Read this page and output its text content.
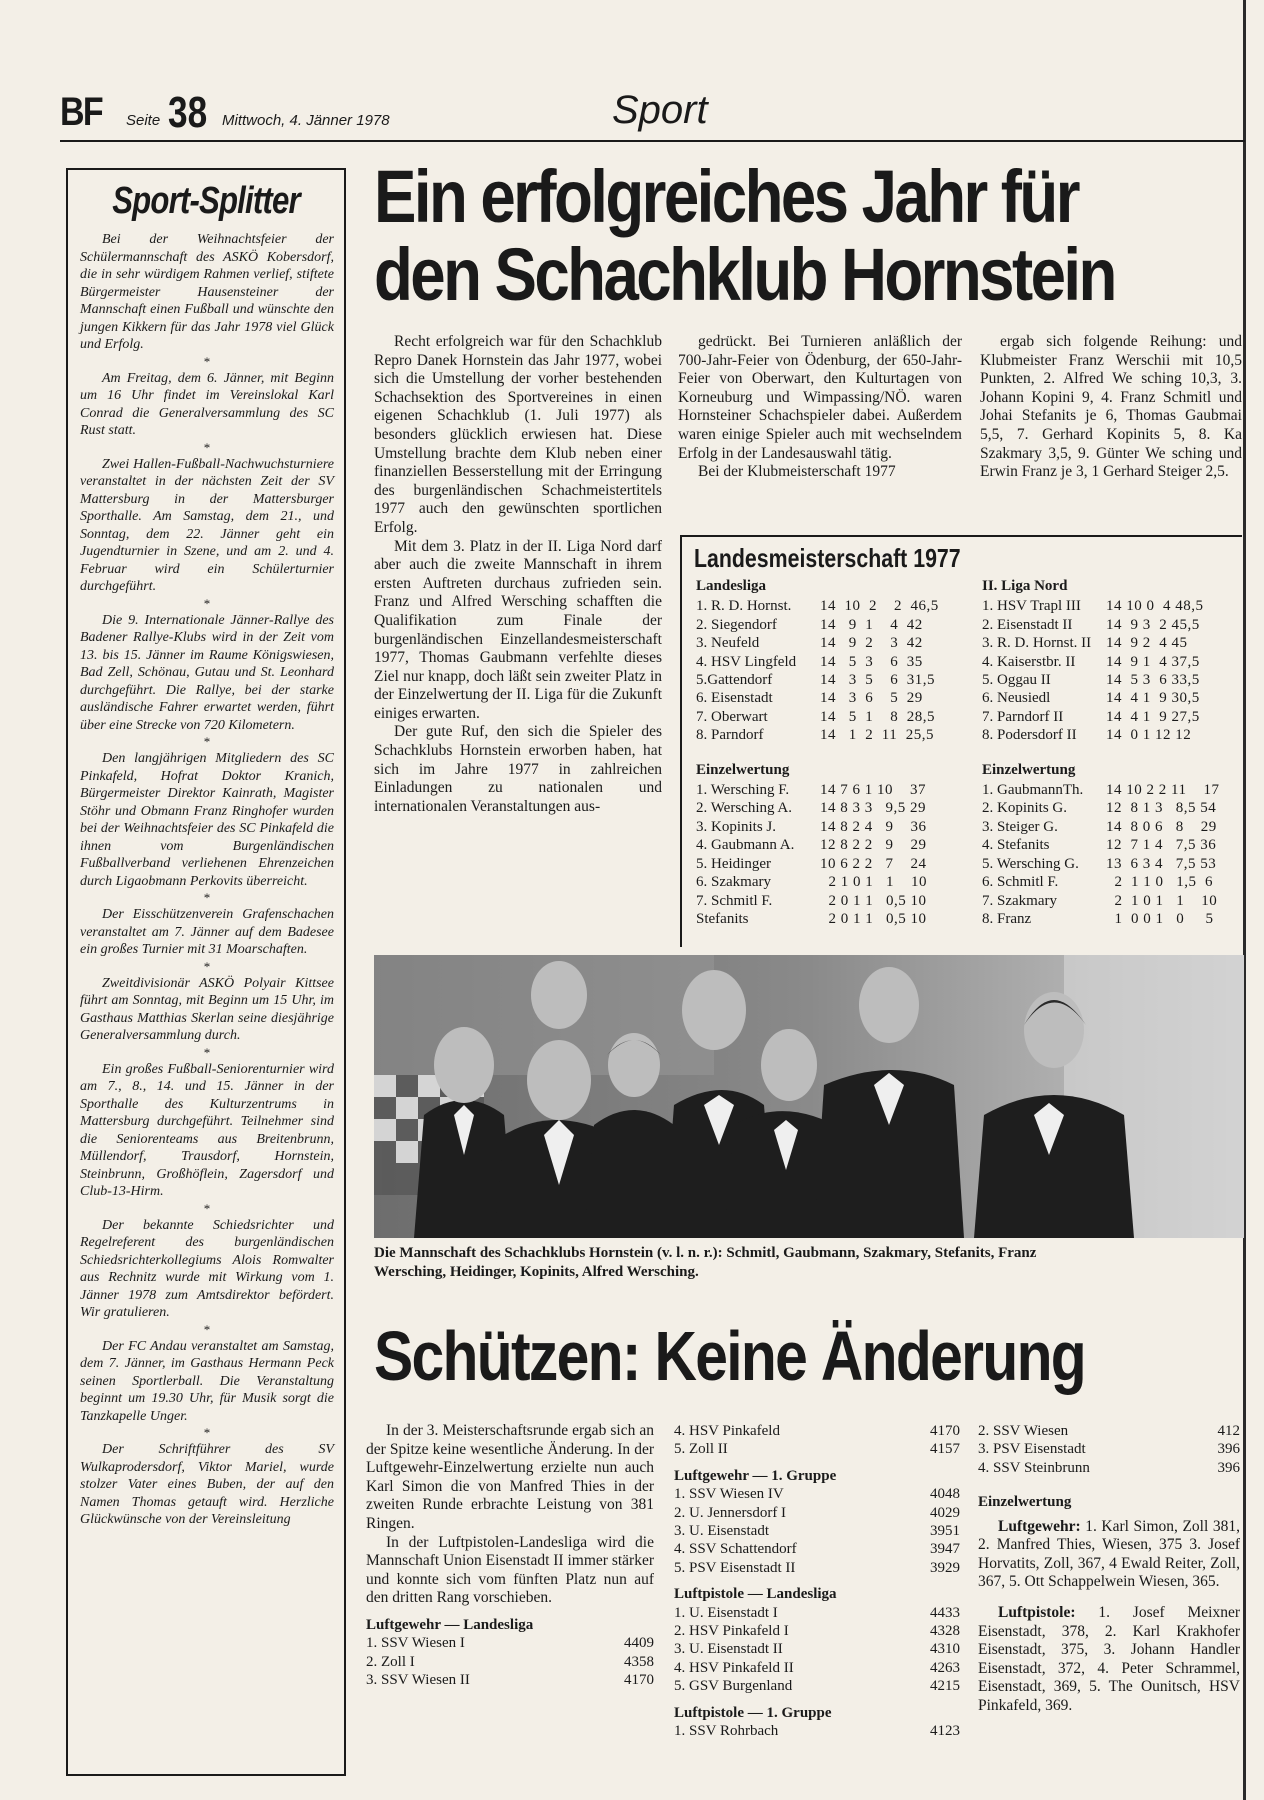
BF Seite 38 Mittwoch, 4. Jänner 1978	Sport
Sport-Splitter

Bei der Weihnachtsfeier der Schülermannschaft des ASKÖ Kobersdorf, die in sehr würdigem Rahmen verlief, stiftete Bürgermeister Hausensteiner der Mannschaft einen Fußball und wünschte den jungen Kikkern für das Jahr 1978 viel Glück und Erfolg.

*

Am Freitag, dem 6. Jänner, mit Beginn um 16 Uhr findet im Vereinslokal Karl Conrad die Generalversammlung des SC Rust statt.

*

Zwei Hallen-Fußball-Nachwuchsturniere veranstaltet in der nächsten Zeit der SV Mattersburg in der Mattersburger Sporthalle. Am Samstag, dem 21., und Sonntag, dem 22. Jänner geht ein Jugendturnier in Szene, und am 2. und 4. Februar wird ein Schülerturnier durchgeführt.

*

Die 9. Internationale Jänner-Rallye des Badener Rallye-Klubs wird in der Zeit vom 13. bis 15. Jänner im Raume Königswiesen, Bad Zell, Schönau, Gutau und St. Leonhard durchgeführt. Die Rallye, bei der starke ausländische Fahrer erwartet werden, führt über eine Strecke von 720 Kilometern.

*

Den langjährigen Mitgliedern des SC Pinkafeld, Hofrat Doktor Kranich, Bürgermeister Direktor Kainrath, Magister Stöhr und Obmann Franz Ringhofer wurden bei der Weihnachtsfeier des SC Pinkafeld die ihnen vom Burgenländischen Fußballverband verliehenen Ehrenzeichen durch Ligaobmann Perkovits überreicht.

*

Der Eisschützenverein Grafenschachen veranstaltet am 7. Jänner auf dem Badesee ein großes Turnier mit 31 Moarschaften.

*

Zweitdivisionär ASKÖ Polyair Kittsee führt am Sonntag, mit Beginn um 15 Uhr, im Gasthaus Matthias Skerlan seine diesjährige Generalversammlung durch.

*

Ein großes Fußball-Seniorenturnier wird am 7., 8., 14. und 15. Jänner in der Sporthalle des Kulturzentrums in Mattersburg durchgeführt. Teilnehmer sind die Seniorenteams aus Breitenbrunn, Müllendorf, Trausdorf, Hornstein, Steinbrunn, Großhöflein, Zagersdorf und Club-13-Hirm.

*

Der bekannte Schiedsrichter und Regelreferent des burgenländischen Schiedsrichterkollegiums Alois Romwalter aus Rechnitz wurde mit Wirkung vom 1. Jänner 1978 zum Amtsdirektor befördert. Wir gratulieren.

*

Der FC Andau veranstaltet am Samstag, dem 7. Jänner, im Gasthaus Hermann Peck seinen Sportlerball. Die Veranstaltung beginnt um 19.30 Uhr, für Musik sorgt die Tanzkapelle Unger.

*

Der Schriftführer des SV Wulkaprodersdorf, Viktor Mariel, wurde stolzer Vater eines Buben, der auf den Namen Thomas getauft wird. Herzliche Glückwünsche von der Vereinsleitung

Ein erfolgreiches Jahr für
den Schachklub Hornstein

Recht erfolgreich war für den Schachklub Repro Danek Hornstein das Jahr 1977, wobei sich die Umstellung der vorher bestehenden Schachsektion des Sportvereines in einen eigenen Schachklub (1. Juli 1977) als besonders glücklich erwiesen hat. Diese Umstellung brachte dem Klub neben einer finanziellen Besserstellung mit der Erringung des burgenländischen Schachmeistertitels 1977 auch den gewünschten sportlichen Erfolg.

Mit dem 3. Platz in der II. Liga Nord darf aber auch die zweite Mannschaft in ihrem ersten Auftreten durchaus zufrieden sein. Franz und Alfred Wersching schafften die Qualifikation zum Finale der burgenländischen Einzellandesmeisterschaft 1977, Thomas Gaubmann verfehlte dieses Ziel nur knapp, doch läßt sein zweiter Platz in der Einzelwertung der II. Liga für die Zukunft einiges erwarten.

Der gute Ruf, den sich die Spieler des Schachklubs Hornstein erworben haben, hat sich im Jahre 1977 in zahlreichen Einladungen zu nationalen und internationalen Veranstaltungen aus-

gedrückt. Bei Turnieren anläßlich der 700-Jahr-Feier von Ödenburg, der 650-Jahr-Feier von Oberwart, den Kulturtagen von Korneuburg und Wimpassing/NÖ. waren Hornsteiner Schachspieler dabei. Außerdem waren einige Spieler auch mit wechselndem Erfolg in der Landesauswahl tätig.

Bei der Klubmeisterschaft 1977

ergab sich folgende Reihung: und Klubmeister Franz Werschii mit 10,5 Punkten, 2. Alfred We sching 10,3, 3. Johann Kopini 9, 4. Franz Schmitl und Johai Stefanits je 6, Thomas Gaubmai 5,5, 7. Gerhard Kopinits 5, 8. Ka Szakmary 3,5, 9. Günter We sching und Erwin Franz je 3, 1 Gerhard Steiger 2,5.

Landesmeisterschaft 1977
Landesliga
1. R. D. Hornst.	14  10  2    2  46,5
2. Siegendorf	14   9  1    4  42
3. Neufeld	14   9  2    3  42
4. HSV Lingfeld	14   5  3    6  35
5.Gattendorf	14   3  5    6  31,5
6. Eisenstadt	14   3  6    5  29
7. Oberwart	14   5  1    8  28,5
8. Parndorf	14   1  2  11  25,5
Einzelwertung
1. Wersching F.	14 7 6 1 10    37
2. Wersching A.	14 8 3 3   9,5 29
3. Kopinits J.	14 8 2 4   9    36
4. Gaubmann A.	12 8 2 2   9    29
5. Heidinger	10 6 2 2   7    24
6. Szakmary	2 1 0 1   1    10
7. Schmitl F.	2 0 1 1   0,5 10
Stefanits	2 0 1 1   0,5 10
II. Liga Nord
1. HSV Trapl III	14 10 0  4 48,5
2. Eisenstadt II	14  9 3  2 45,5
3. R. D. Hornst. II 14  9 2  4 45
4. Kaiserstbr. II	14  9 1  4 37,5
5. Oggau II	14  5 3  6 33,5
6. Neusiedl	14  4 1  9 30,5
7. Parndorf II	14  4 1  9 27,5
8. Podersdorf II	14  0 1 12 12
Einzelwertung
1. GaubmannTh.	14 10 2 2 11    17
2. Kopinits G.	12  8 1 3   8,5 54
3. Steiger G.	14  8 0 6   8    29
4. Stefanits	12  7 1 4   7,5 36
5. Wersching G.	13  6 3 4   7,5 53
6. Schmitl F.	2  1 1 0   1,5  6
7. Szakmary	2  1 0 1   1    10
8. Franz	1  0 0 1   0     5
Die Mannschaft des Schachklubs Hornstein (v. l. n. r.): Schmitl, Gaubmann, Szakmary, Stefanits, Franz
Wersching, Heidinger, Kopinits, Alfred Wersching.
Schützen: Keine Änderung

In der 3. Meisterschaftsrunde ergab sich an der Spitze keine wesentliche Änderung. In der Luftgewehr-Einzelwertung erzielte nun auch Karl Simon die von Manfred Thies in der zweiten Runde erbrachte Leistung von 381 Ringen.

In der Luftpistolen-Landesliga wird die Mannschaft Union Eisenstadt II immer stärker und konnte sich vom fünften Platz nun auf den dritten Rang vorschieben.

Luftgewehr — Landesliga
1. SSV Wiesen I	4409
2. Zoll I	4358
3. SSV Wiesen II	4170
4. HSV Pinkafeld	4170
5. Zoll II	4157
Luftgewehr — 1. Gruppe
1. SSV Wiesen IV	4048
2. U. Jennersdorf I	4029
3. U. Eisenstadt	3951
4. SSV Schattendorf	3947
5. PSV Eisenstadt II	3929
Luftpistole — Landesliga
1. U. Eisenstadt I	4433
2. HSV Pinkafeld I	4328
3. U. Eisenstadt II	4310
4. HSV Pinkafeld II	4263
5. GSV Burgenland	4215
Luftpistole — 1. Gruppe
1. SSV Rohrbach	4123
2. SSV Wiesen	412
3. PSV Eisenstadt	396
4. SSV Steinbrunn	396
Einzelwertung

Luftgewehr: 1. Karl Simon, Zoll 381, 2. Manfred Thies, Wiesen, 375 3. Josef Horvatits, Zoll, 367, 4 Ewald Reiter, Zoll, 367, 5. Ott Schappelwein Wiesen, 365.

Luftpistole: 1. Josef Meixner Eisenstadt, 378, 2. Karl Krakhofer Eisenstadt, 375, 3. Johann Handler Eisenstadt, 372, 4. Peter Schrammel, Eisenstadt, 369, 5. The Ounitsch, HSV Pinkafeld, 369.
